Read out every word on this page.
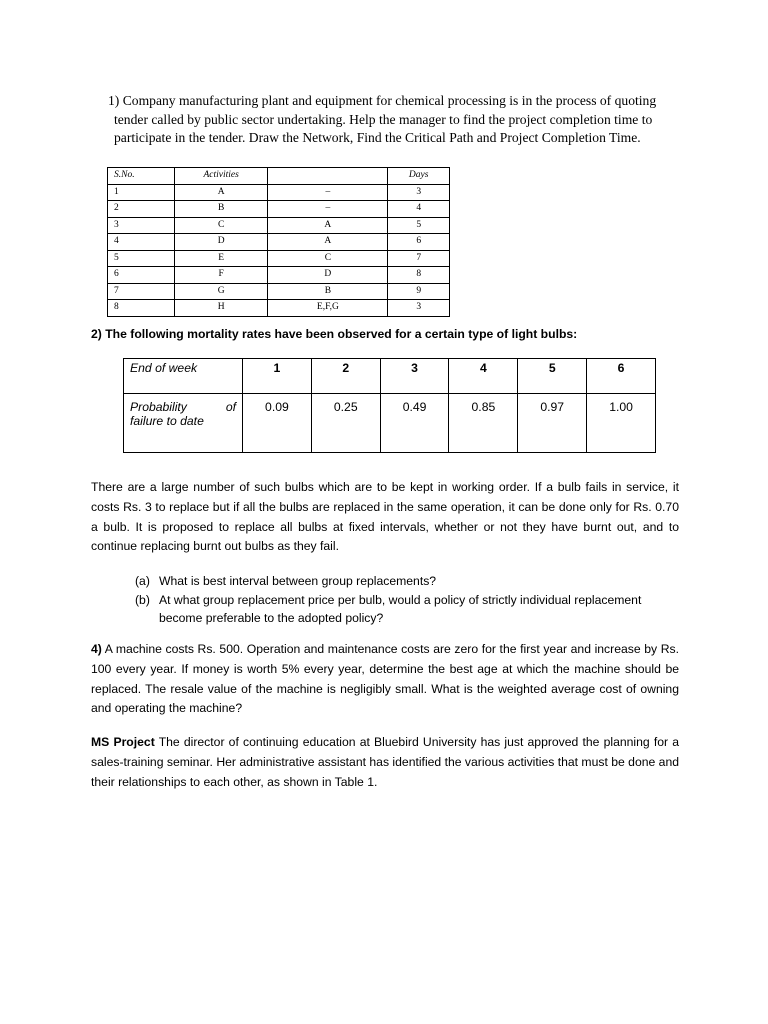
1) Company manufacturing plant and equipment for chemical processing is in the process of quoting
tender called by public sector undertaking. Help the manager to find the project completion time to
participate in the tender. Draw the Network, Find the Critical Path and Project Completion Time.
S.No.	Activities		Days
1	A	–	3
2	B	–	4
3	C	A	5
4	D	A	6
5	E	C	7
6	F	D	8
7	G	B	9
8	H	E,F,G	3
2) The following mortality rates have been observed for a certain type of light bulbs:
End of week	1	2	3	4	5	6

Probability of
failure to date	0.09	0.25	0.49	0.85	0.97	1.00
There are a large number of such bulbs which are to be kept in working order. If a bulb fails in service, it costs Rs. 3 to replace but if all the bulbs are replaced in the same operation, it can be done only for Rs. 0.70 a bulb. It is proposed to replace all bulbs at fixed intervals, whether or not they have burnt out, and to continue replacing burnt out bulbs as they fail.
(a) What is best interval between group replacements?
(b) At what group replacement price per bulb, would a policy of strictly individual replacement become preferable to the adopted policy?
4) A machine costs Rs. 500. Operation and maintenance costs are zero for the first year and increase by Rs. 100 every year. If money is worth 5% every year, determine the best age at which the machine should be replaced. The resale value of the machine is negligibly small. What is the weighted average cost of owning and operating the machine?
MS Project The director of continuing education at Bluebird University has just approved the planning for a sales-training seminar. Her administrative assistant has identified the various activities that must be done and their relationships to each other, as shown in Table 1.
